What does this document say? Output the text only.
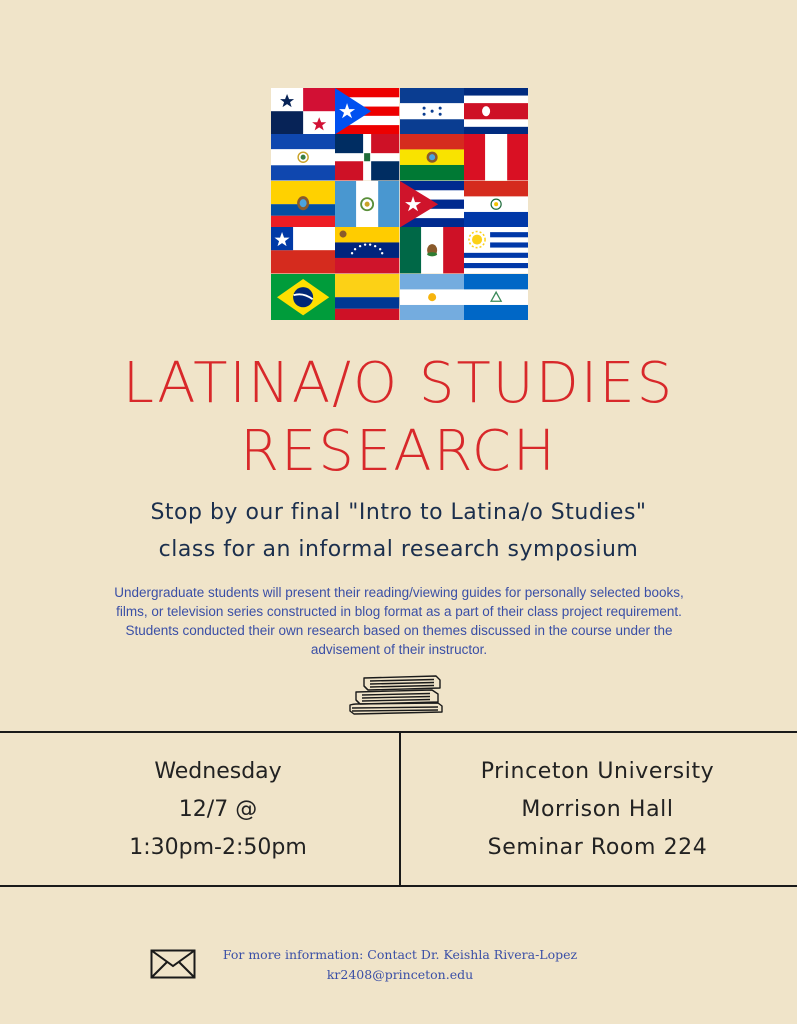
LATINA/O STUDIES
RESEARCH
Stop by our final "Intro to Latina/o Studies"
class for an informal research symposium

Undergraduate students will present their reading/viewing guides for personally selected books, films, or television series constructed in blog format as a part of their class project requirement. Students conducted their own research based on themes discussed in the course under the advisement of their instructor.

Wednesday
12/7 @
1:30pm-2:50pm
Princeton University
Morrison Hall
Seminar Room 224
For more information: Contact Dr. Keishla Rivera-Lopez
kr2408@princeton.edu
